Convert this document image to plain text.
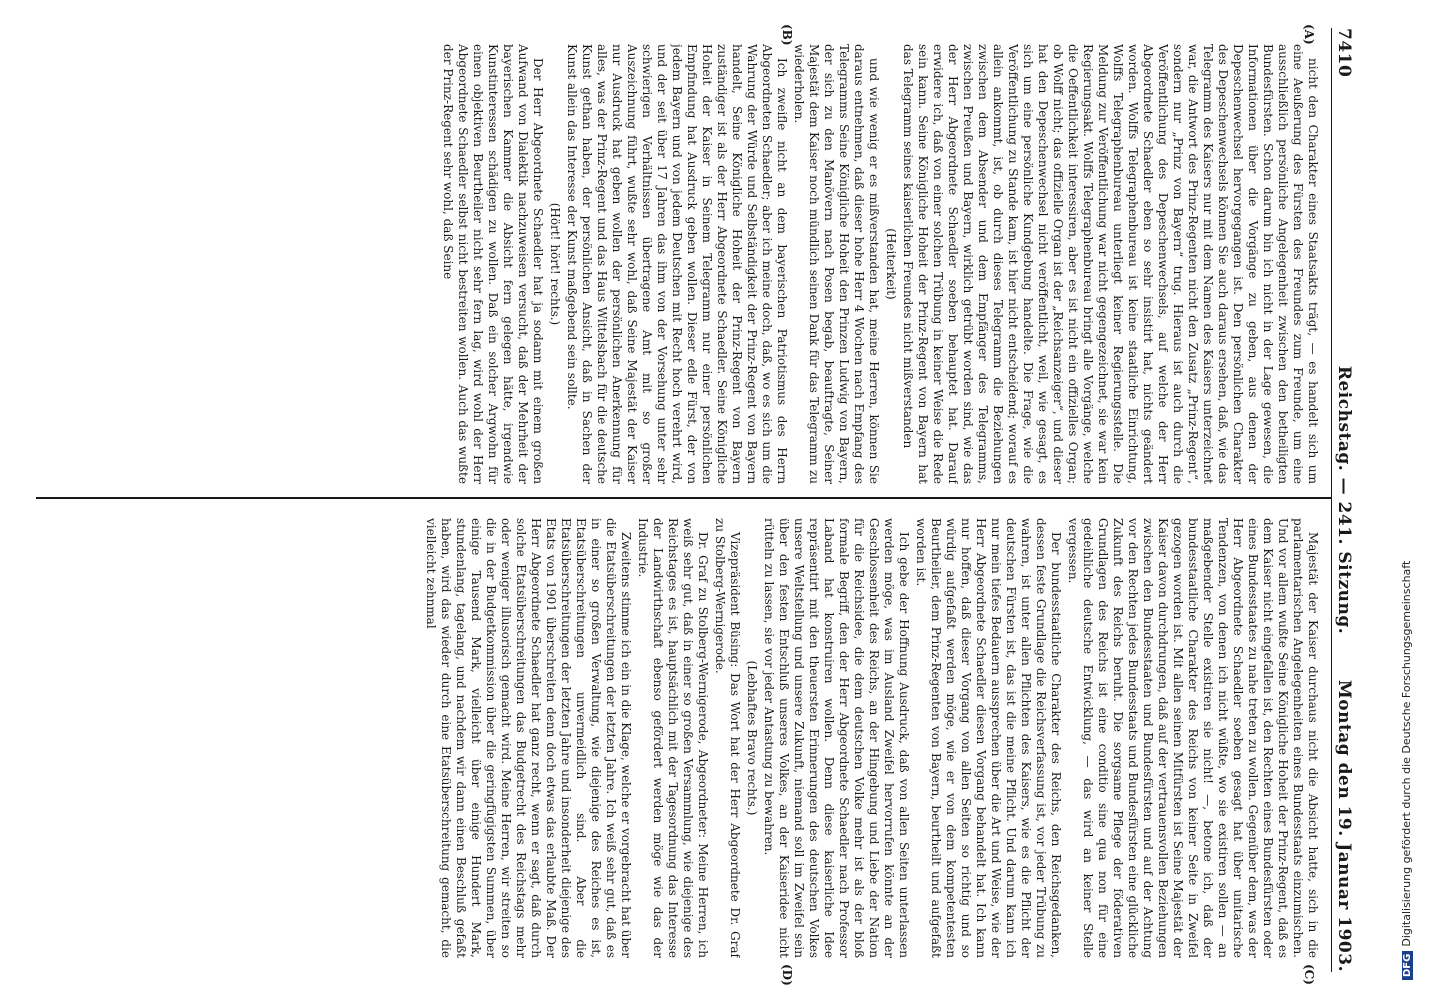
7410
Reichstag. — 241. Sitzung.
Montag den 19. Januar 1903.
(A)
(B)
(C)
(D)

nicht den Charakter eines Staatsakts trägt, — es handelt sich um eine Aeußerung des Fürsten des Freundes zum Freunde, um eine ausschließlich persönliche Angelegenheit zwischen den betheiligten Bundesfürsten. Schon darum bin ich nicht in der Lage gewesen, die Informationen über die Vorgänge zu geben, aus denen der Depeschenwechsel hervorgegangen ist. Den persönlichen Charakter des Depeschenwechsels können Sie auch daraus ersehen, daß, wie das Telegramm des Kaisers nur mit dem Namen des Kaisers unterzeichnet war, die Antwort des Prinz-Regenten nicht den Zusatz „Prinz-Regent“, sondern nur „Prinz von Bayern“ trug. Hieraus ist auch durch die Veröffentlichung des Depeschenwechsels, auf welche der Herr Abgeordnete Schaedler eben so sehr insistirt hat, nichts geändert worden. Wolffs Telegraphenbureau ist keine staatliche Einrichtung, Wolffs Telegraphenbureau unterliegt keiner Regierungsstelle. Die Meldung zur Veröffentlichung war nicht gegengezeichnet, sie war kein Regierungsakt. Wolffs Telegraphenbureau bringt alle Vorgänge, welche die Oeffentlichkeit interessiren, aber es ist nicht ein offizielles Organ; ob Wolff nicht; das offizielle Organ ist der „Reichsanzeiger“, und dieser hat den Depeschenwechsel nicht veröffentlicht, weil, wie gesagt, es sich um eine persönliche Kundgebung handelte. Die Frage, wie die Veröffentlichung zu Stande kam, ist hier nicht entscheidend; worauf es allein ankommt, ist, ob durch dieses Telegramm die Beziehungen zwischen dem Absender und dem Empfänger des Telegramms, zwischen Preußen und Bayern, wirklich getrübt worden sind, wie das der Herr Abgeordnete Schaedler soeben behauptet hat. Darauf erwidere ich, daß von einer solchen Trübung in keiner Weise die Rede sein kann. Seine Königliche Hoheit der Prinz-Regent von Bayern hat das Telegramm seines kaiserlichen Freundes nicht mißverstanden

(Heiterkeit)

und wie wenig er es mißverstanden hat, meine Herren, können Sie daraus entnehmen, daß dieser hohe Herr 4 Wochen nach Empfang des Telegramms Seine Königliche Hoheit den Prinzen Ludwig von Bayern, der sich zu den Manövern nach Posen begab, beauftragte, Seiner Majestät dem Kaiser noch mündlich seinen Dank für das Telegramm zu wiederholen.

Ich zweifle nicht an dem bayerischen Patriotismus des Herrn Abgeordneten Schaedler; aber ich meine doch, daß, wo es sich um die Wahrung der Würde und Selbständigkeit der Prinz-Regent von Bayern handelt, Seine Königliche Hoheit der Prinz-Regent von Bayern zuständiger ist als der Herr Abgeordnete Schaedler. Seine Königliche Hoheit der Kaiser in Seinem Telegramm nur einer persönlichen Empfindung hat Ausdruck geben wollen. Dieser edle Fürst, der von jedem Bayern und von jedem Deutschen mit Recht hoch verehrt wird, und der seit über 17 Jahren das ihm von der Vorsehung unter sehr schwierigen Verhältnissen übertragene Amt mit so großer Auszeichnung führt, wußte sehr wohl, daß Seine Majestät der Kaiser nur Ausdruck hat geben wollen der persönlichen Anerkennung für alles, was der Prinz-Regent und das Haus Wittelsbach für die deutsche Kunst gethan haben, der persönlichen Ansicht, daß in Sachen der Kunst allein das Interesse der Kunst maßgebend sein sollte.

(Hört! hört! rechts.)

Der Herr Abgeordnete Schaedler hat ja sodann mit einem großen Aufwand von Dialektik nachzuweisen versucht, daß der Mehrheit der bayerischen Kammer die Absicht fern gelegen hätte, irgendwie Kunstinteressen schädigen zu wollen. Daß ein solcher Argwohn für einen objektiven Beurtheiler nicht sehr fern lag, wird wohl der Herr Abgeordnete Schaedler selbst nicht bestreiten wollen. Auch das wußte der Prinz-Regent sehr wohl, daß Seine

Majestät der Kaiser durchaus nicht die Absicht hatte, sich in die parlamentarischen Angelegenheiten eines Bundesstaats einzumischen. Und vor allem wußte Seine Königliche Hoheit der Prinz-Regent, daß es dem Kaiser nicht eingefallen ist, den Rechten eines Bundesfürsten oder eines Bundesstaates zu nahe treten zu wollen. Gegenüber dem, was der Herr Abgeordnete Schaedler soeben gesagt hat über unitarische Tendenzen, von denen ich nicht wüßte, wo sie existiren sollen — an maßgebender Stelle existiren sie nicht! —, betone ich, daß der bundesstaatliche Charakter des Reichs von keiner Seite in Zweifel gezogen worden ist. Mit allen seinen Mitfürsten ist Seine Majestät der Kaiser davon durchdrungen, daß auf der vertrauensvollen Beziehungen zwischen den Bundesstaaten und Bundesfürsten und auf der Achtung vor den Rechten jedes Bundesstaats und Bundesfürsten eine glückliche Zukunft des Reichs beruht. Die sorgsame Pflege der föderativen Grundlagen des Reichs ist eine conditio sine qua non für eine gedeihliche deutsche Entwicklung, — das wird an keiner Stelle vergessen.

Der bundesstaatliche Charakter des Reichs, den Reichsgedanken, dessen feste Grundlage die Reichsverfassung ist, vor jeder Trübung zu wahren, ist unter allen Pflichten des Kaisers, wie es die Pflicht der deutschen Fürsten ist, das ist die meine Pflicht. Und darum kann ich nur mein tiefes Bedauern aussprechen über die Art und Weise, wie der Herr Abgeordnete Schaedler diesen Vorgang behandelt hat. Ich kann nur hoffen, daß dieser Vorgang von allen Seiten so richtig und so würdig aufgefaßt werden möge, wie er von dem kompetentesten Beurtheiler, dem Prinz-Regenten von Bayern, beurtheilt und aufgefaßt worden ist.

Ich gebe der Hoffnung Ausdruck, daß von allen Seiten unterlassen werden möge, was im Ausland Zweifel hervorrufen könnte an der Geschlossenheit des Reichs, an der Hingebung und Liebe der Nation für die Reichsidee, die dem deutschen Volke mehr ist als der bloß formale Begriff, den der Herr Abgeordnete Schaedler nach Professor Laband hat konstruiren wollen. Denn diese kaiserliche Idee repräsentirt mit den theuersten Erinnerungen des deutschen Volkes unsere Weltstellung und unsere Zukunft, niemand soll im Zweifel sein über den festen Entschluß unseres Volkes, an der Kaiseridee nicht rütteln zu lassen, sie vor jeder Antastung zu bewahren.

(Lebhaftes Bravo rechts.)

Vizepräsident Büsing: Das Wort hat der Herr Abgeordnete Dr. Graf zu Stolberg-Wernigerode.

Dr. Graf zu Stolberg-Wernigerode, Abgeordneter: Meine Herren, ich weiß sehr gut, daß in einer so großen Versammlung, wie diejenige des Reichstages es ist, hauptsächlich mit der Tagesordnung das Interesse der Landwirthschaft ebenso gefördert werden möge wie das der Industrie.

Zweitens stimme ich ein in die Klage, welche er vorgebracht hat über die Etatsüberschreitungen der letzten Jahre. Ich weiß sehr gut, daß es in einer so großen Verwaltung, wie diejenige des Reiches es ist, Etatsüberschreitungen unvermeidlich sind. Aber die Etatsüberschreitungen der letzten Jahre und insonderheit diejenige des Etats von 1901 überschreiten denn doch etwas das erlaubte Maß. Der Herr Abgeordnete Schaedler hat ganz recht, wenn er sagt, daß durch solche Etatsüberschreitungen das Budgetrecht des Reichstags mehr oder weniger illusorisch gemacht wird. Meine Herren, wir streiten so die in der Budgetkommission über die geringfügigsten Summen, über einige Tausend Mark, vielleicht über einige Hundert Mark, stundenlang, tagelang, und nachdem wir dann einen Beschluß gefaßt haben, wird das wieder durch eine Etatsüberschreitung gemacht, die vielleicht zehnmal

DFGDigitalisierung gefördert durch die Deutsche Forschungsgemeinschaft
